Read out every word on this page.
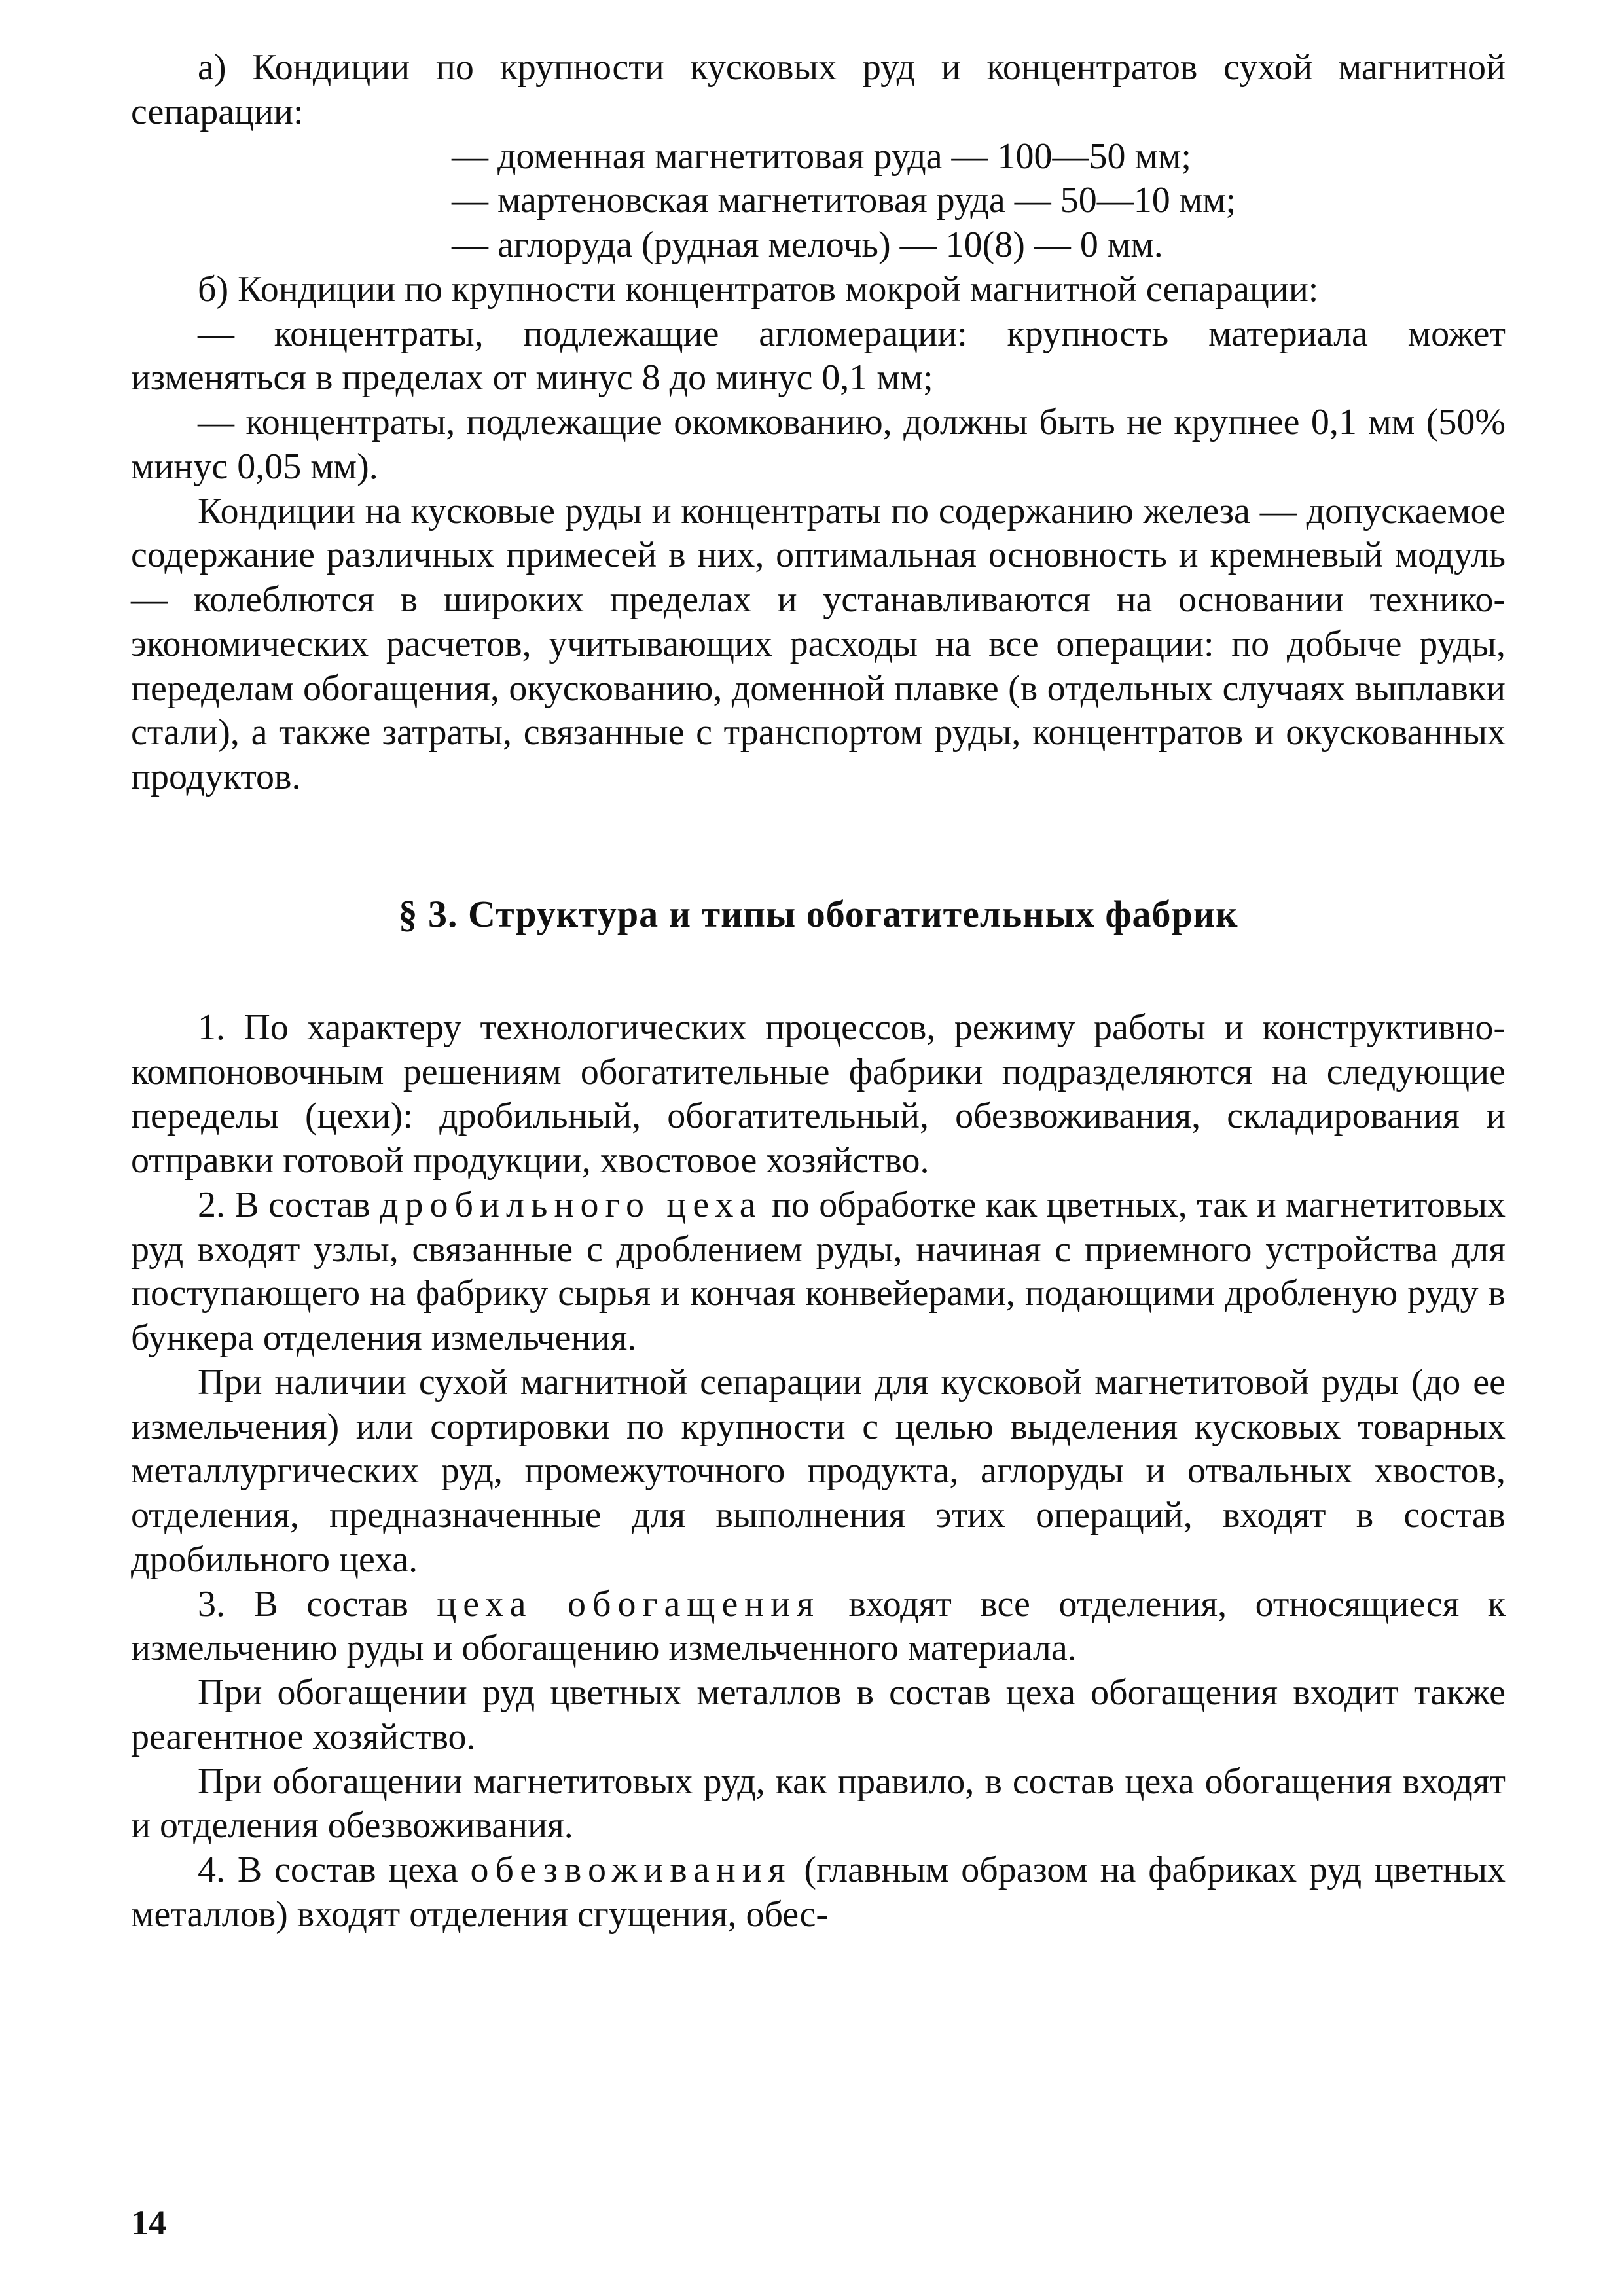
а) Кондиции по крупности кусковых руд и концентратов сухой магнитной сепарации:

— доменная магнетитовая руда — 100—50 мм;

— мартеновская магнетитовая руда — 50—10 мм;

— аглоруда (рудная мелочь) — 10(8) — 0 мм.

б) Кондиции по крупности концентратов мокрой магнитной сепарации:

— концентраты, подлежащие агломерации: крупность материала может изменяться в пределах от минус 8 до минус 0,1 мм;

— концентраты, подлежащие окомкованию, должны быть не крупнее 0,1 мм (50% минус 0,05 мм).

Кондиции на кусковые руды и концентраты по содержанию железа — допускаемое содержание различных примесей в них, оптимальная основность и кремневый модуль — колеблются в широких пределах и устанавливаются на основании технико-экономических расчетов, учитывающих расходы на все операции: по добыче руды, переделам обогащения, окускованию, доменной плавке (в отдельных случаях выплавки стали), а также затраты, связанные с транспортом руды, концентратов и окускованных продуктов.

§ 3. Структура и типы обогатительных фабрик

1. По характеру технологических процессов, режиму работы и конструктивно-компоновочным решениям обогатительные фабрики подразделяются на следующие переделы (цехи): дробильный, обогатительный, обезвоживания, складирования и отправки готовой продукции, хвостовое хозяйство.

2. В состав дробильного цеха по обработке как цветных, так и магнетитовых руд входят узлы, связанные с дроблением руды, начиная с приемного устройства для поступающего на фабрику сырья и кончая конвейерами, подающими дробленую руду в бункера отделения измельчения.

При наличии сухой магнитной сепарации для кусковой магнетитовой руды (до ее измельчения) или сортировки по крупности с целью выделения кусковых товарных металлургических руд, промежуточного продукта, аглоруды и отвальных хвостов, отделения, предназначенные для выполнения этих операций, входят в состав дробильного цеха.

3. В состав цеха обогащения входят все отделения, относящиеся к измельчению руды и обогащению измельченного материала.

При обогащении руд цветных металлов в состав цеха обогащения входит также реагентное хозяйство.

При обогащении магнетитовых руд, как правило, в состав цеха обогащения входят и отделения обезвоживания.

4. В состав цеха обезвоживания (главным образом на фабриках руд цветных металлов) входят отделения сгущения, обес-

14
